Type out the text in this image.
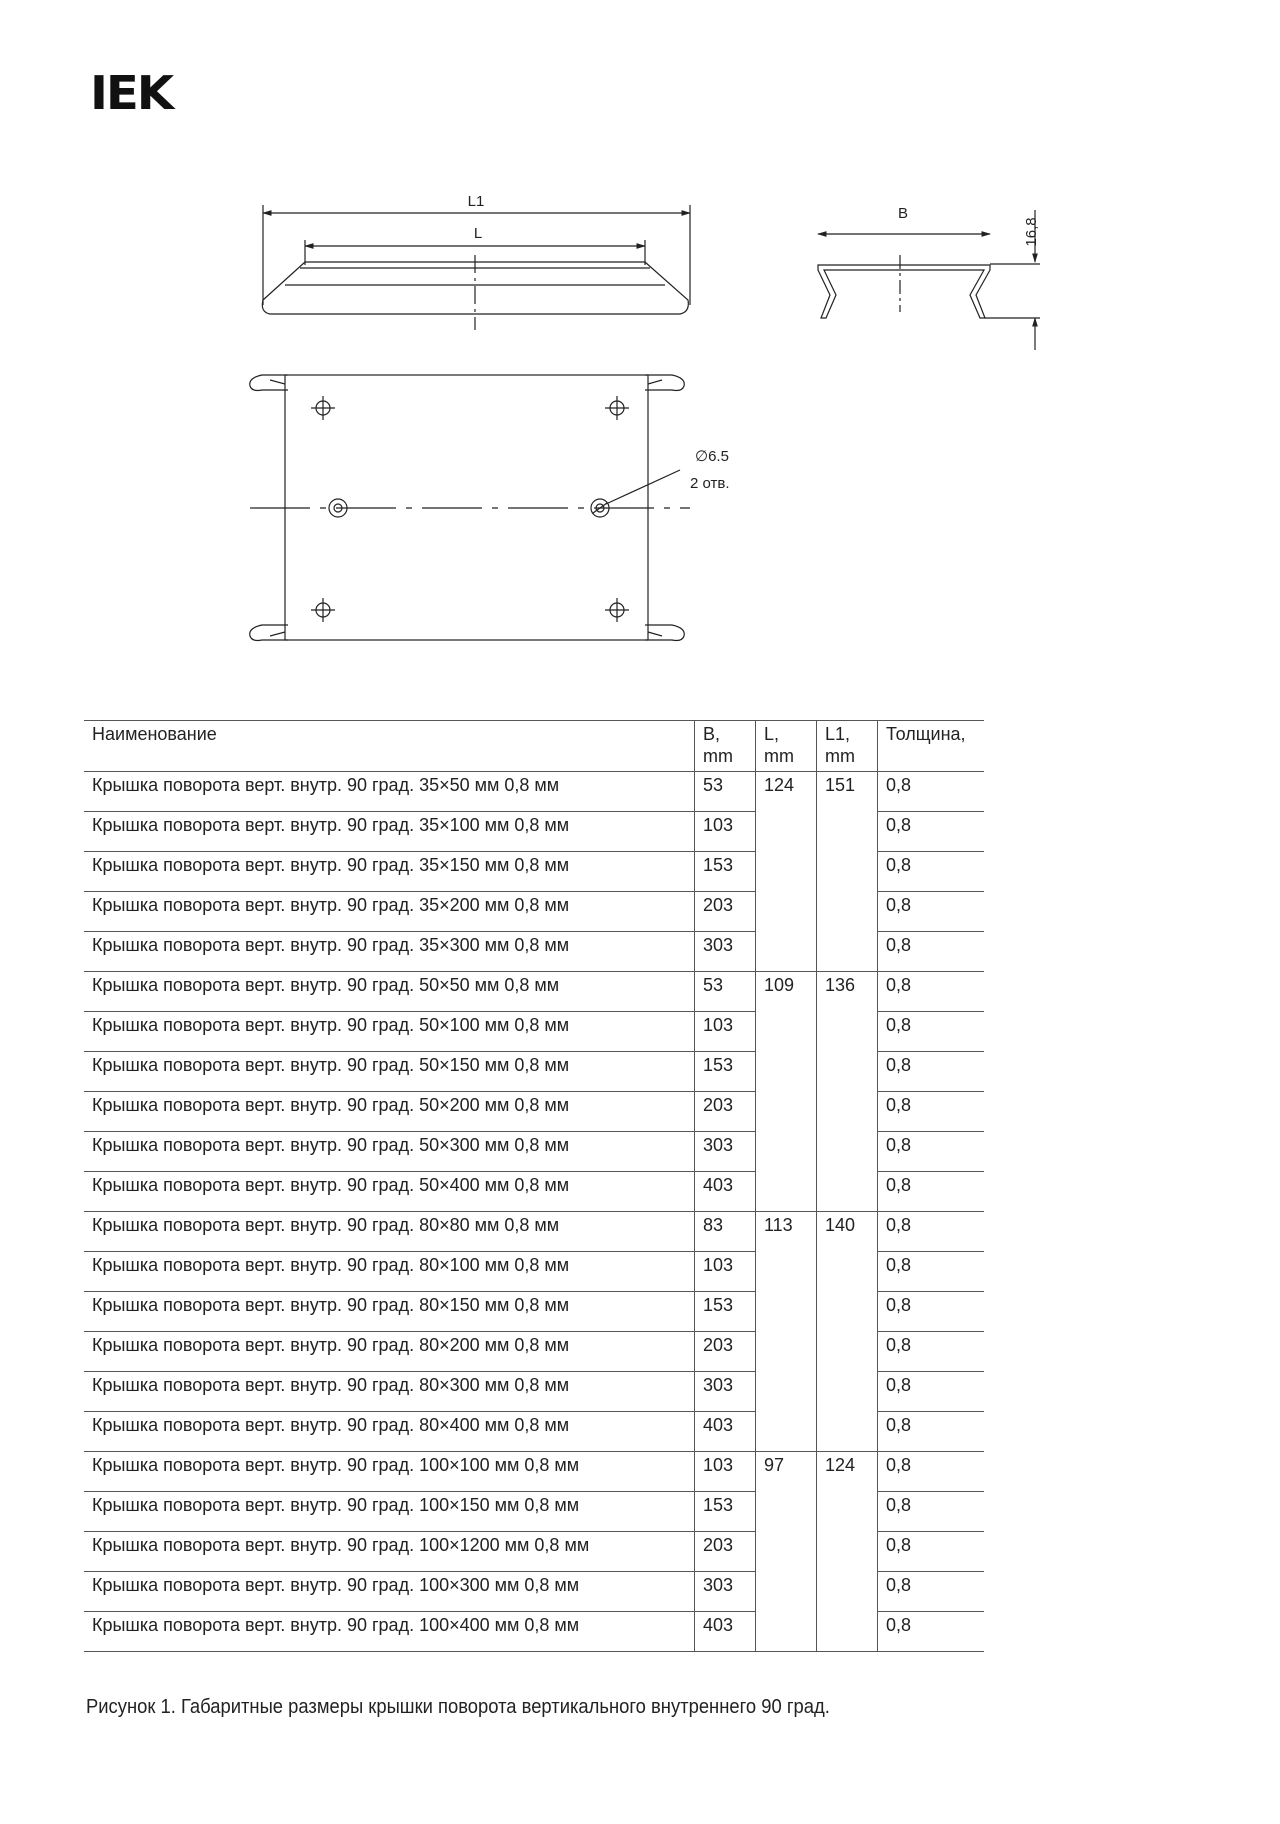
IEK
L1
L
B
16,8
∅6.5
2 отв.
Наименование	B, mm	L, mm	L1, mm	Толщина,
Крышка поворота верт. внутр. 90 град. 35×50 мм 0,8 мм	53	124	151	0,8
Крышка поворота верт. внутр. 90 град. 35×100 мм 0,8 мм	103			0,8
Крышка поворота верт. внутр. 90 град. 35×150 мм 0,8 мм	153			0,8
Крышка поворота верт. внутр. 90 град. 35×200 мм 0,8 мм	203			0,8
Крышка поворота верт. внутр. 90 град. 35×300 мм 0,8 мм	303			0,8
Крышка поворота верт. внутр. 90 град. 50×50 мм 0,8 мм	53	109	136	0,8
Крышка поворота верт. внутр. 90 град. 50×100 мм 0,8 мм	103			0,8
Крышка поворота верт. внутр. 90 град. 50×150 мм 0,8 мм	153			0,8
Крышка поворота верт. внутр. 90 град. 50×200 мм 0,8 мм	203			0,8
Крышка поворота верт. внутр. 90 град. 50×300 мм 0,8 мм	303			0,8
Крышка поворота верт. внутр. 90 град. 50×400 мм 0,8 мм	403			0,8
Крышка поворота верт. внутр. 90 град. 80×80 мм 0,8 мм	83	113	140	0,8
Крышка поворота верт. внутр. 90 град. 80×100 мм 0,8 мм	103			0,8
Крышка поворота верт. внутр. 90 град. 80×150 мм 0,8 мм	153			0,8
Крышка поворота верт. внутр. 90 град. 80×200 мм 0,8 мм	203			0,8
Крышка поворота верт. внутр. 90 град. 80×300 мм 0,8 мм	303			0,8
Крышка поворота верт. внутр. 90 град. 80×400 мм 0,8 мм	403			0,8
Крышка поворота верт. внутр. 90 град. 100×100 мм 0,8 мм	103	97	124	0,8
Крышка поворота верт. внутр. 90 град. 100×150 мм 0,8 мм	153			0,8
Крышка поворота верт. внутр. 90 град. 100×1200 мм 0,8 мм	203			0,8
Крышка поворота верт. внутр. 90 град. 100×300 мм 0,8 мм	303			0,8
Крышка поворота верт. внутр. 90 град. 100×400 мм 0,8 мм	403			0,8
Рисунок 1. Габаритные размеры крышки поворота вертикального внутреннего 90 град.
